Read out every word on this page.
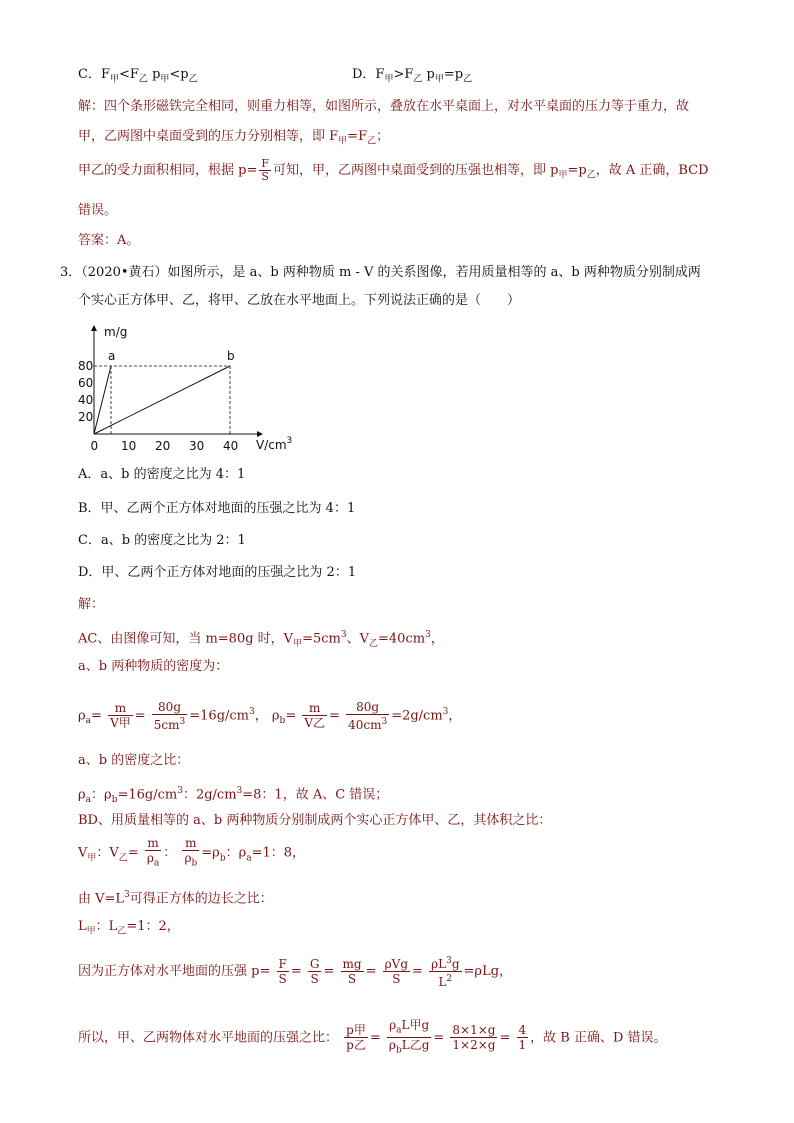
C．$F_甲<F_乙$ $p_甲<p_乙$	D．$F_甲>F_乙$ $p_甲=p_乙$
解：四个条形磁铁完全相同，则重力相等，如图所示，叠放在水平桌面上，对水平桌面的压力等于重力，故
甲，乙两图中桌面受到的压力分别相等，即 $F_甲=F_乙$；
甲乙的受力面积相同，根据 $p= \frac{F}{S}$ 可知，甲，乙两图中桌面受到的压强也相等，即 $p_甲=p_乙$，故 A 正确，BCD
错误。
答案：A。
3．（2020•黄石）如图所示，是 a、b 两种物质 m - V 的关系图像，若用质量相等的 a、b 两种物质分别制成两
个实心正方体甲、乙，将甲、乙放在水平地面上。下列说法正确的是（　　）
m/g
$V/cm^3$
20
40
60
80
0 10 20 30 40
a	b
A．a、b 的密度之比为 4：1
B．甲、乙两个正方体对地面的压强之比为 4：1
C．a、b 的密度之比为 2：1
D．甲、乙两个正方体对地面的压强之比为 2：1
解：
AC、由图像可知，当 m=80g 时，$V_甲=5cm^3$、$V_乙=40cm^3$，
a、b 两种物质的密度为：
$\rho_a= \frac{m}{\text{V甲}} = \frac{80g}{5cm^3} =16g/cm^3$， $\rho_b= \frac{m}{\text{V乙}} = \frac{80g}{40cm^3} =2g/cm^3$，
a、b 的密度之比：
$\rho_a$：$\rho_b=16g/cm^3$：$2g/cm^3=8$：1，故 A、C 错误；
BD、用质量相等的 a、b 两种物质分别制成两个实心正方体甲、乙，其体积之比：
$V_甲$：$V_乙= \frac{m}{\rho_a}$ ： $\frac{m}{\rho_b} =\rho_b$：$\rho_a=1$：8，
由 $V=L^3$可得正方体的边长之比：
$L_甲$：$L_乙=1$：2，
因为正方体对水平地面的压强 $p= \frac{F}{S} = \frac{G}{S} = \frac{mg}{S} = \frac{\text{ρVg}}{S} = \frac{\rho L^3g}{L^2} =\rho Lg$，
所以，甲、乙两物体对水平地面的压强之比： $\frac{\text{p甲}}{\text{p乙}} = \frac{\rho_aL甲g}{\rho_bL乙g} = \frac{8\times 1\times g}{1\times 2\times g} = \frac{4}{1}$ ，故 B 正确、D 错误。
